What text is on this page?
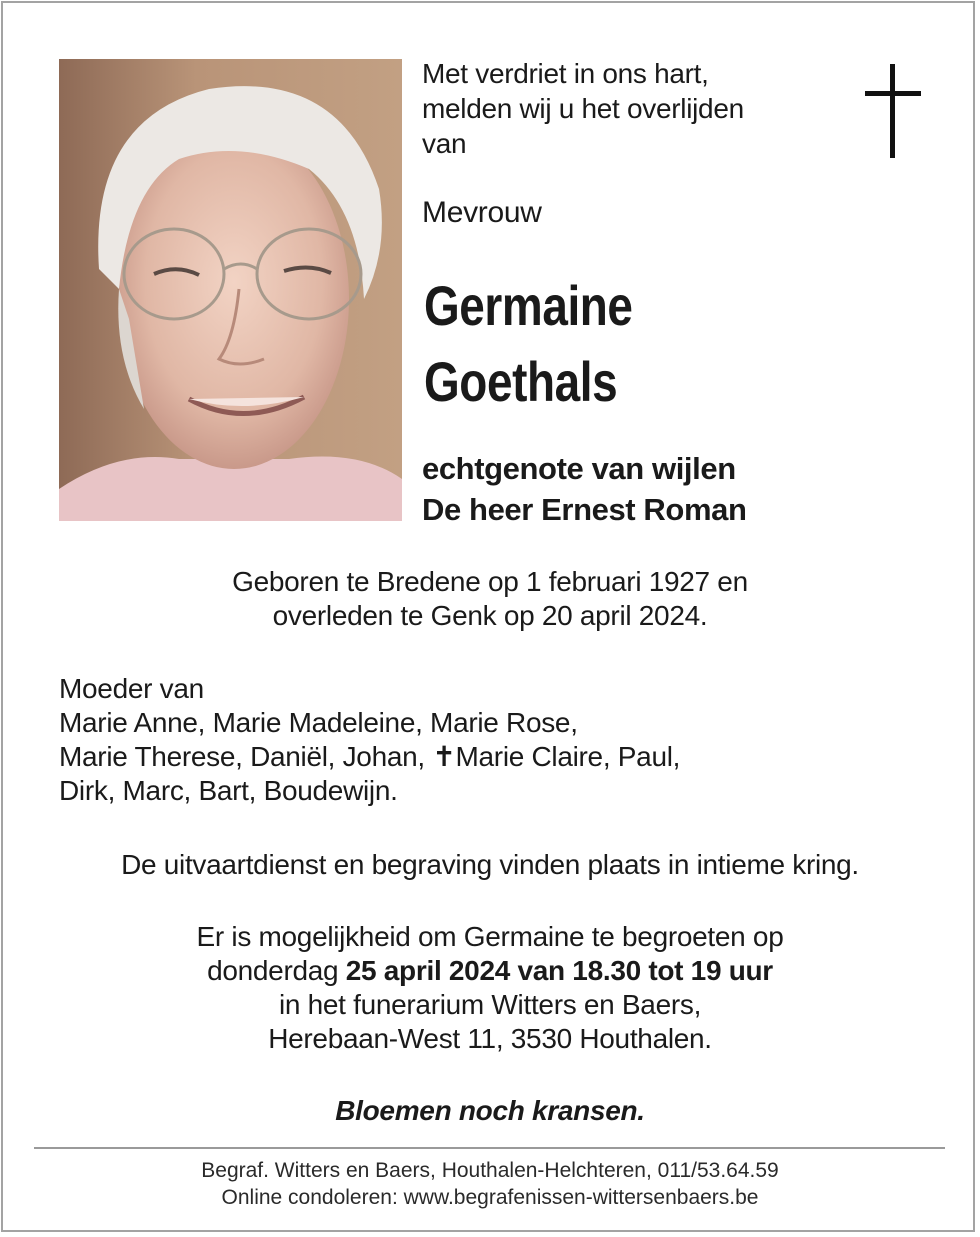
Met verdriet in ons hart,
melden wij u het overlijden
van
Mevrouw
Germaine
Goethals
echtgenote van wijlen
De heer Ernest Roman
Geboren te Bredene op 1 februari 1927 en
overleden te Genk op 20 april 2024.
Moeder van
Marie Anne, Marie Madeleine, Marie Rose,
Marie Therese, Daniël, Johan, ✝Marie Claire, Paul,
Dirk, Marc, Bart, Boudewijn.
De uitvaartdienst en begraving vinden plaats in intieme kring.
Er is mogelijkheid om Germaine te begroeten op
donderdag 25 april 2024 van 18.30 tot 19 uur
in het funerarium Witters en Baers,
Herebaan-West 11, 3530 Houthalen.
Bloemen noch kransen.
Begraf. Witters en Baers, Houthalen-Helchteren, 011/53.64.59
Online condoleren: www.begrafenissen-wittersenbaers.be
